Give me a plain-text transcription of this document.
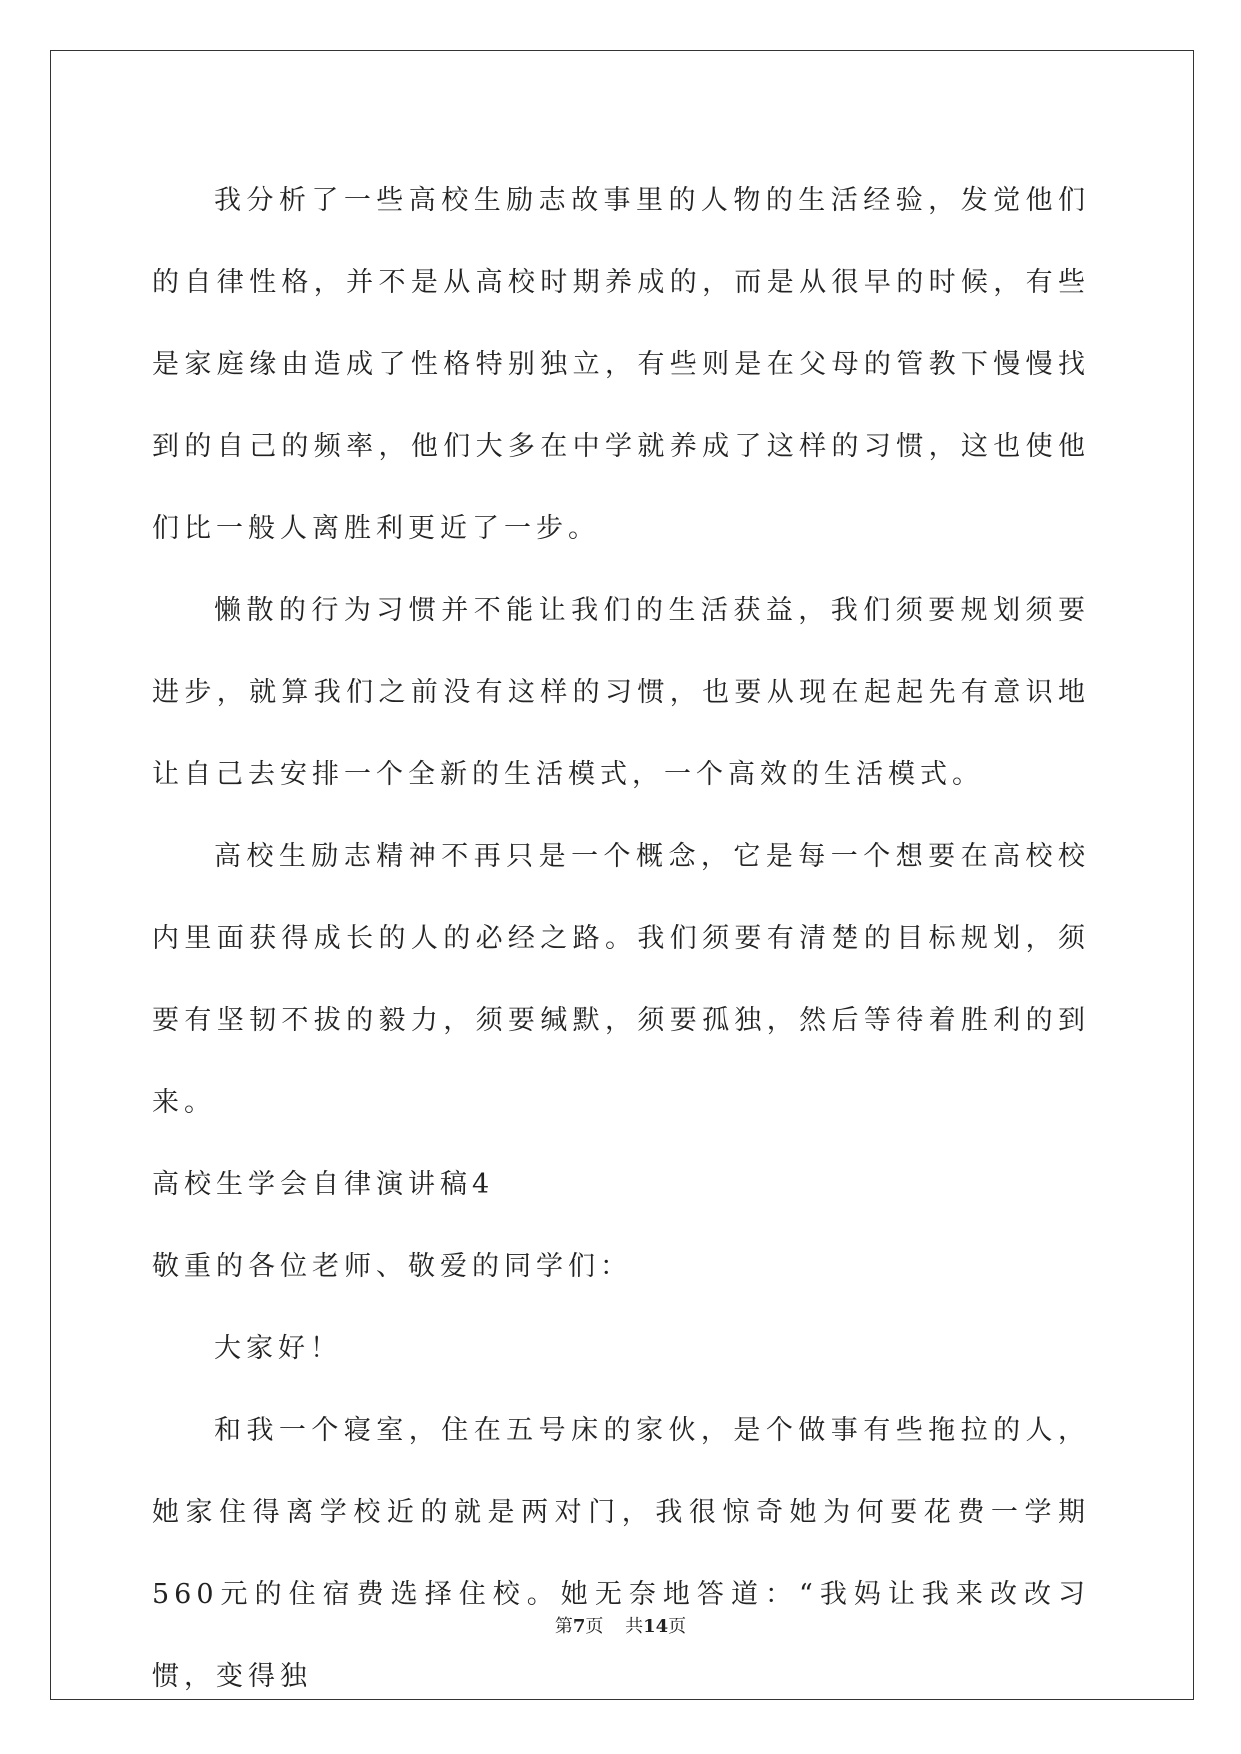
我分析了一些高校生励志故事里的人物的生活经验，发觉他们的自律性格，并不是从高校时期养成的，而是从很早的时候，有些是家庭缘由造成了性格特别独立，有些则是在父母的管教下慢慢找到的自己的频率，他们大多在中学就养成了这样的习惯，这也使他们比一般人离胜利更近了一步。

懒散的行为习惯并不能让我们的生活获益，我们须要规划须要进步，就算我们之前没有这样的习惯，也要从现在起起先有意识地让自己去安排一个全新的生活模式，一个高效的生活模式。

高校生励志精神不再只是一个概念，它是每一个想要在高校校内里面获得成长的人的必经之路。我们须要有清楚的目标规划，须要有坚韧不拔的毅力，须要缄默，须要孤独，然后等待着胜利的到来。

高校生学会自律演讲稿4

敬重的各位老师、敬爱的同学们：

大家好！

和我一个寝室，住在五号床的家伙，是个做事有些拖拉的人，她家住得离学校近的就是两对门，我很惊奇她为何要花费一学期560元的住宿费选择住校。她无奈地答道：“我妈让我来改改习惯，变得独

第7页 共14页
